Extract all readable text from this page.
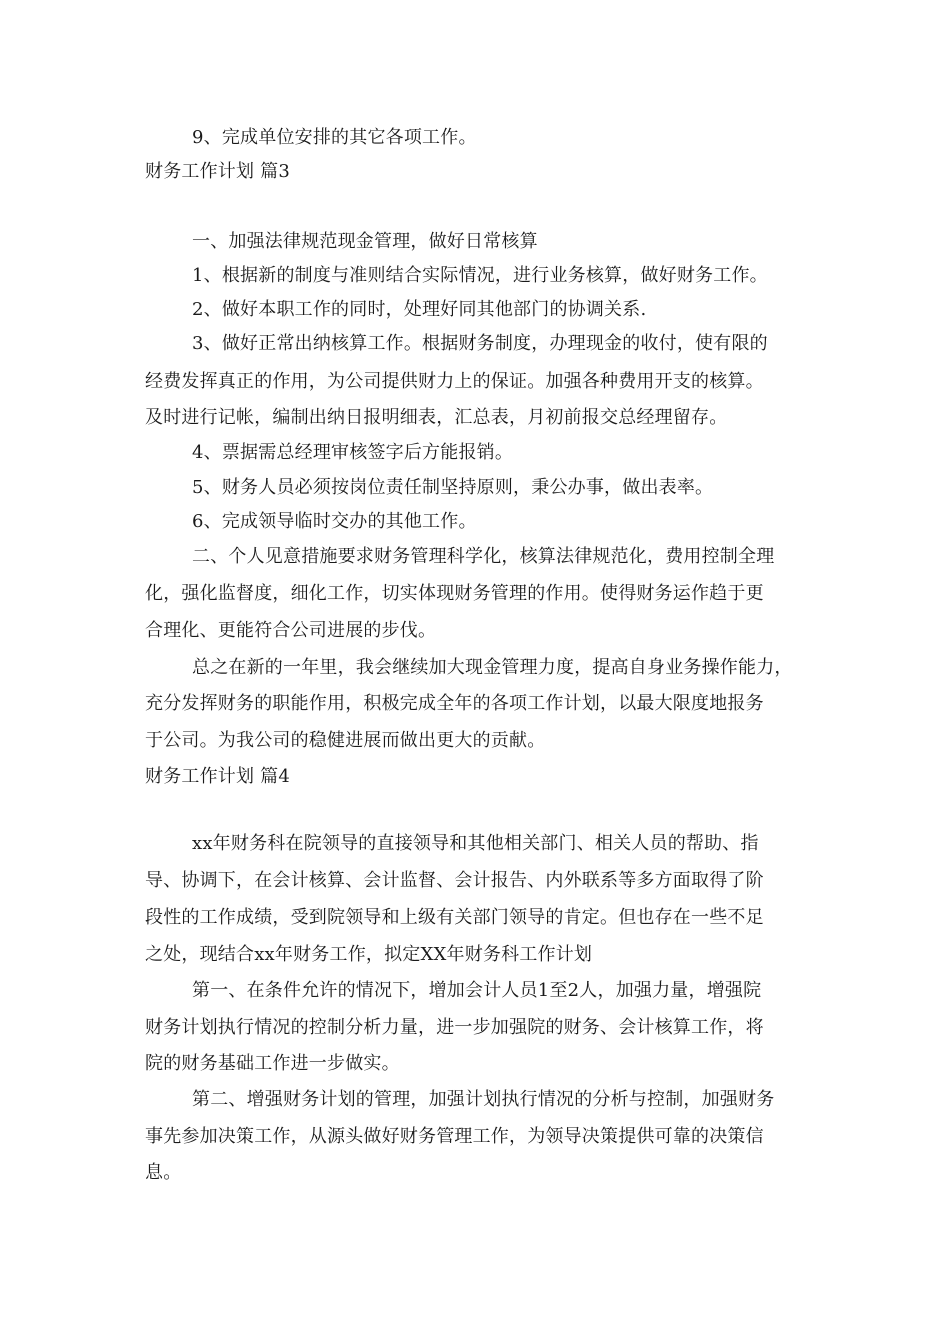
9、完成单位安排的其它各项工作。
财务工作计划 篇3
一、加强法律规范现金管理，做好日常核算
1、根据新的制度与准则结合实际情况，进行业务核算，做好财务工作。
2、做好本职工作的同时，处理好同其他部门的协调关系.
3、做好正常出纳核算工作。根据财务制度，办理现金的收付，使有限的
经费发挥真正的作用，为公司提供财力上的保证。加强各种费用开支的核算。
及时进行记帐，编制出纳日报明细表，汇总表，月初前报交总经理留存。
4、票据需总经理审核签字后方能报销。
5、财务人员必须按岗位责任制坚持原则，秉公办事，做出表率。
6、完成领导临时交办的其他工作。
二、个人见意措施要求财务管理科学化，核算法律规范化，费用控制全理
化，强化监督度，细化工作，切实体现财务管理的作用。使得财务运作趋于更
合理化、更能符合公司进展的步伐。
总之在新的一年里，我会继续加大现金管理力度，提高自身业务操作能力，
充分发挥财务的职能作用，积极完成全年的各项工作计划，以最大限度地报务
于公司。为我公司的稳健进展而做出更大的贡献。
财务工作计划 篇4
xx年财务科在院领导的直接领导和其他相关部门、相关人员的帮助、指
导、协调下，在会计核算、会计监督、会计报告、内外联系等多方面取得了阶
段性的工作成绩，受到院领导和上级有关部门领导的肯定。但也存在一些不足
之处，现结合xx年财务工作，拟定XX年财务科工作计划
第一、在条件允许的情况下，增加会计人员1至2人，加强力量，增强院
财务计划执行情况的控制分析力量，进一步加强院的财务、会计核算工作，将
院的财务基础工作进一步做实。
第二、增强财务计划的管理，加强计划执行情况的分析与控制，加强财务
事先参加决策工作，从源头做好财务管理工作，为领导决策提供可靠的决策信
息。
